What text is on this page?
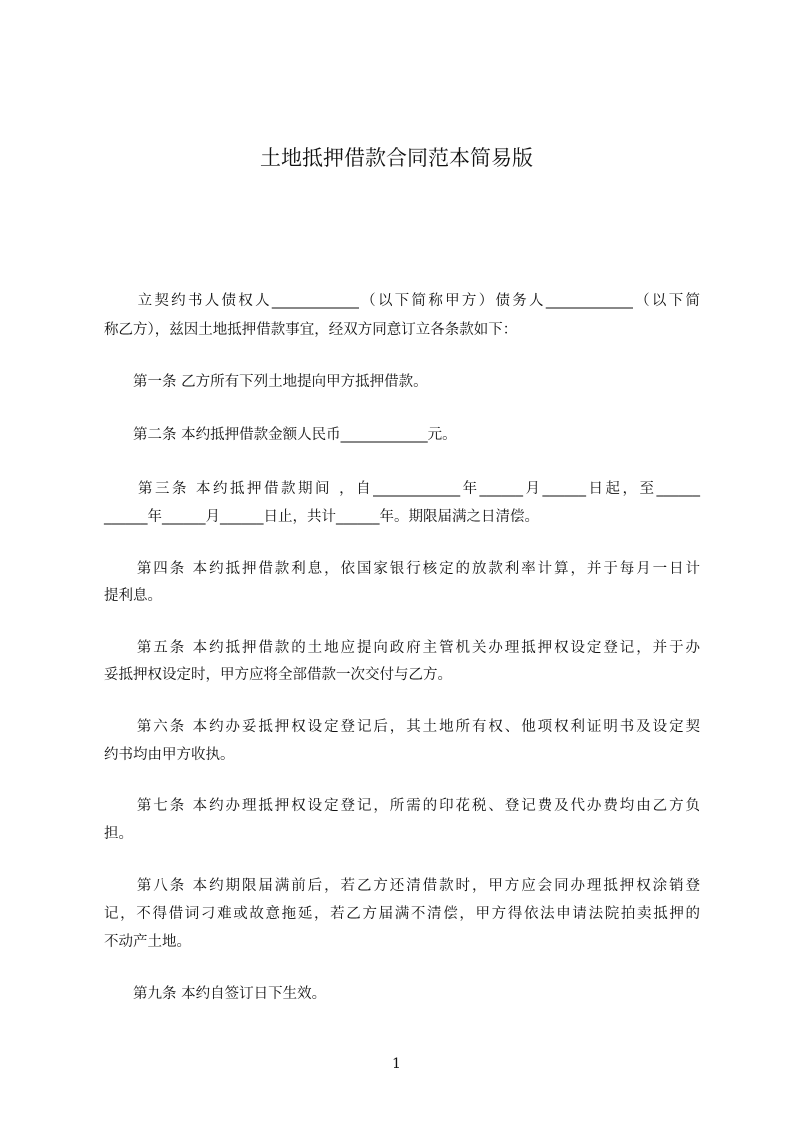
土地抵押借款合同范本简易版
　　立契约书人债权人____________（以下简称甲方）债务人____________（以下简
称乙方），兹因土地抵押借款事宜，经双方同意订立各条款如下：
　　第一条 乙方所有下列土地提向甲方抵押借款。
　　第二条 本约抵押借款金额人民币____________元。
　　第三条 本约抵押借款期间 ，自____________年______月______日起，至______
______年______月______日止，共计______年。期限届满之日清偿。
　　第四条 本约抵押借款利息，依国家银行核定的放款利率计算，并于每月一日计
提利息。
　　第五条 本约抵押借款的土地应提向政府主管机关办理抵押权设定登记，并于办
妥抵押权设定时，甲方应将全部借款一次交付与乙方。
　　第六条 本约办妥抵押权设定登记后，其土地所有权、他项权利证明书及设定契
约书均由甲方收执。
　　第七条 本约办理抵押权设定登记，所需的印花税、登记费及代办费均由乙方负
担。
　　第八条 本约期限届满前后，若乙方还清借款时，甲方应会同办理抵押权涂销登
记，不得借词刁难或故意拖延，若乙方届满不清偿，甲方得依法申请法院拍卖抵押的
不动产土地。
　　第九条 本约自签订日下生效。
1
